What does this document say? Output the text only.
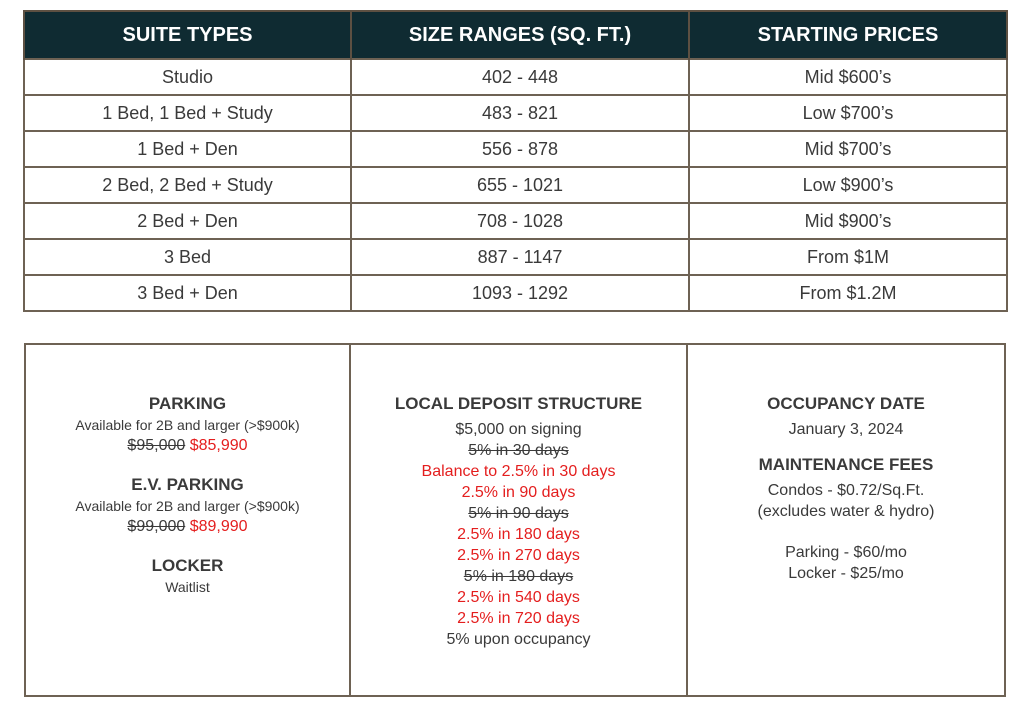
SUITE TYPES	SIZE RANGES (SQ. FT.)	STARTING PRICES
Studio	402 - 448	Mid $600’s
1 Bed, 1 Bed + Study	483 - 821	Low $700’s
1 Bed + Den	556 - 878	Mid $700’s
2 Bed, 2 Bed + Study	655 - 1021	Low $900’s
2 Bed + Den	708 - 1028	Mid $900’s
3 Bed	887 - 1147	From $1M
3 Bed + Den	1093 - 1292	From $1.2M
PARKING
Available for 2B and larger (>$900k)
$95,000 $85,990
E.V. PARKING
Available for 2B and larger (>$900k)
$99,000 $89,990
LOCKER
Waitlist
LOCAL DEPOSIT STRUCTURE
$5,000 on signing
5% in 30 days
Balance to 2.5% in 30 days
2.5% in 90 days
5% in 90 days
2.5% in 180 days
2.5% in 270 days
5% in 180 days
2.5% in 540 days
2.5% in 720 days
5% upon occupancy
OCCUPANCY DATE
January 3, 2024
MAINTENANCE FEES
Condos - $0.72/Sq.Ft.
(excludes water & hydro)
Parking - $60/mo
Locker - $25/mo
